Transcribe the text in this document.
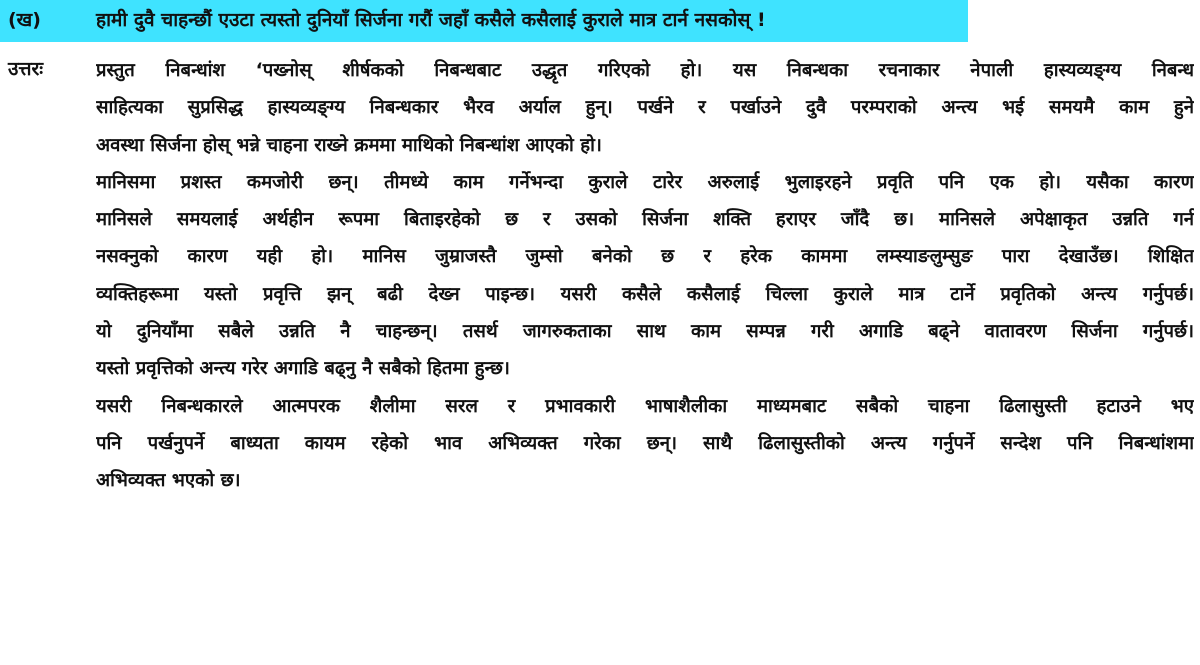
(ख)	हामी दुवै चाहन्छौं एउटा त्यस्तो दुनियाँ सिर्जना गरौं जहाँ कसैले कसैलाई कुराले मात्र टार्न नसकोस् !
उत्तरः	प्रस्तुत निबन्धांश ‘पख्नोस् शीर्षकको निबन्धबाट उद्धृत गरिएको हो। यस निबन्धका रचनाकार नेपाली हास्यव्यङ्ग्य निबन्ध
साहित्यका सुप्रसिद्ध हास्यव्यङ्ग्य निबन्धकार भैरव अर्याल हुन्। पर्खने र पर्खाउने दुवै परम्पराको अन्त्य भई समयमै काम हुने
अवस्था सिर्जना होस् भन्ने चाहना राख्ने क्रममा माथिको निबन्धांश आएको हो।
मानिसमा प्रशस्त कमजोरी छन्। तीमध्ये काम गर्नेभन्दा कुराले टारेर अरुलाई भुलाइरहने प्रवृति पनि एक हो। यसैका कारण
मानिसले समयलाई अर्थहीन रूपमा बिताइरहेको छ र उसको सिर्जना शक्ति हराएर जाँदै छ। मानिसले अपेक्षाकृत उन्नति गर्न
नसक्नुको कारण यही हो। मानिस जुम्राजस्तै जुम्सो बनेको छ र हरेक काममा लम्स्याङलुम्सुङ पारा देखाउँछ। शिक्षित
व्यक्तिहरूमा यस्तो प्रवृत्ति झन् बढी देख्न पाइन्छ। यसरी कसैले कसैलाई चिल्ला कुराले मात्र टार्ने प्रवृतिको अन्त्य गर्नुपर्छ।
यो दुनियाँमा सबैले उन्नति नै चाहन्छन्। तसर्थ जागरुकताका साथ काम सम्पन्न गरी अगाडि बढ्ने वातावरण सिर्जना गर्नुपर्छ।
यस्तो प्रवृत्तिको अन्त्य गरेर अगाडि बढ्नु नै सबैको हितमा हुन्छ।
यसरी निबन्धकारले आत्मपरक शैलीमा सरल र प्रभावकारी भाषाशैलीका माध्यमबाट सबैको चाहना ढिलासुस्ती हटाउने भए
पनि पर्खनुपर्ने बाध्यता कायम रहेको भाव अभिव्यक्त गरेका छन्। साथै ढिलासुस्तीको अन्त्य गर्नुपर्ने सन्देश पनि निबन्धांशमा
अभिव्यक्त भएको छ।
